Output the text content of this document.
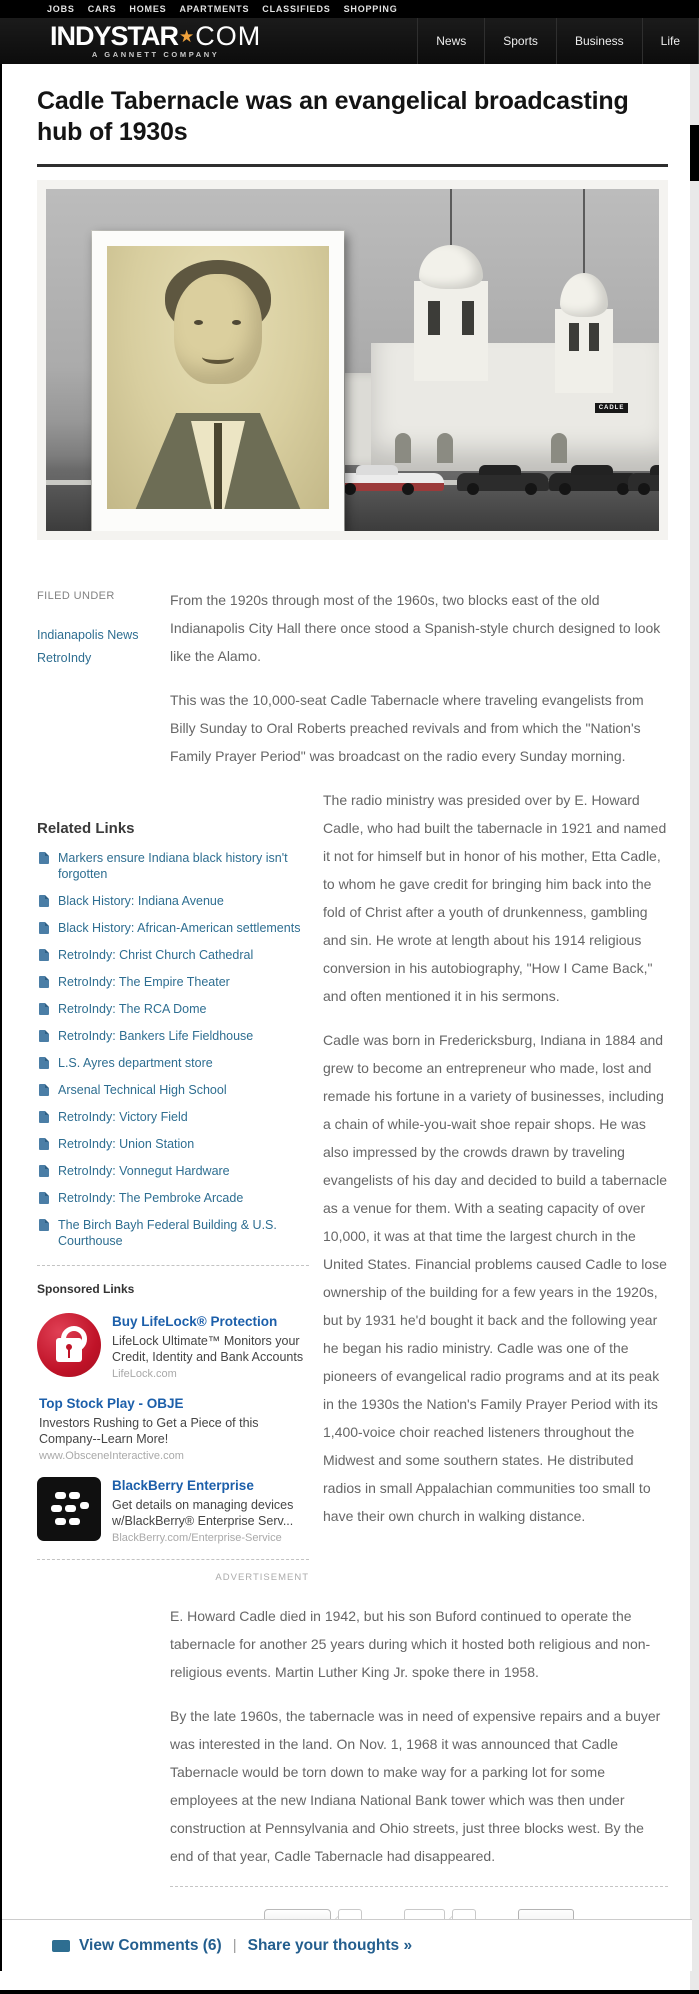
JOBS CARS HOMES APARTMENTS CLASSIFIEDS SHOPPING
INDYSTAR★COM
A GANNETT COMPANY
News	Sports	Business	Life
Cadle Tabernacle was an evangelical broadcasting hub of 1930s
CADLE
FILED UNDER
Indianapolis News
RetroIndy
From the 1920s through most of the 1960s, two blocks east of the old Indianapolis City Hall there once stood a Spanish-style church designed to look like the Alamo.
This was the 10,000-seat Cadle Tabernacle where traveling evangelists from Billy Sunday to Oral Roberts preached revivals and from which the "Nation's Family Prayer Period" was broadcast on the radio every Sunday morning.
Related Links
Markers ensure Indiana black history isn't forgotten
Black History: Indiana Avenue
Black History: African-American settlements
RetroIndy: Christ Church Cathedral
RetroIndy: The Empire Theater
RetroIndy: The RCA Dome
RetroIndy: Bankers Life Fieldhouse
L.S. Ayres department store
Arsenal Technical High School
RetroIndy: Victory Field
RetroIndy: Union Station
RetroIndy: Vonnegut Hardware
RetroIndy: The Pembroke Arcade
The Birch Bayh Federal Building & U.S. Courthouse
Sponsored Links
Buy LifeLock® Protection
LifeLock Ultimate™ Monitors your Credit, Identity and Bank Accounts
LifeLock.com
Top Stock Play - OBJE
Investors Rushing to Get a Piece of this Company--Learn More!
www.ObsceneInteractive.com
BlackBerry Enterprise
Get details on managing devices w/BlackBerry® Enterprise Serv...
BlackBerry.com/Enterprise-Service
ADVERTISEMENT
The radio ministry was presided over by E. Howard Cadle, who had built the tabernacle in 1921 and named it not for himself but in honor of his mother, Etta Cadle, to whom he gave credit for bringing him back into the fold of Christ after a youth of drunkenness, gambling and sin. He wrote at length about his 1914 religious conversion in his autobiography, "How I Came Back," and often mentioned it in his sermons.
Cadle was born in Fredericksburg, Indiana in 1884 and grew to become an entrepreneur who made, lost and remade his fortune in a variety of businesses, including a chain of while-you-wait shoe repair shops. He was also impressed by the crowds drawn by traveling evangelists of his day and decided to build a tabernacle as a venue for them. With a seating capacity of over 10,000, it was at that time the largest church in the United States. Financial problems caused Cadle to lose ownership of the building for a few years in the 1920s, but by 1931 he'd bought it back and the following year he began his radio ministry. Cadle was one of the pioneers of evangelical radio programs and at its peak in the 1930s the Nation's Family Prayer Period with its 1,400-voice choir reached listeners throughout the Midwest and some southern states. He distributed radios in small Appalachian communities too small to have their own church in walking distance.
E. Howard Cadle died in 1942, but his son Buford continued to operate the tabernacle for another 25 years during which it hosted both religious and non-religious events. Martin Luther King Jr. spoke there in 1958.
By the late 1960s, the tabernacle was in need of expensive repairs and a buyer was interested in the land. On Nov. 1, 1968 it was announced that Cadle Tabernacle would be torn down to make way for a parking lot for some employees at the new Indiana National Bank tower which was then under construction at Pennsylvania and Ohio streets, just three blocks west. By the end of that year, Cadle Tabernacle had disappeared.
↗
View Comments (6) | Share your thoughts »
